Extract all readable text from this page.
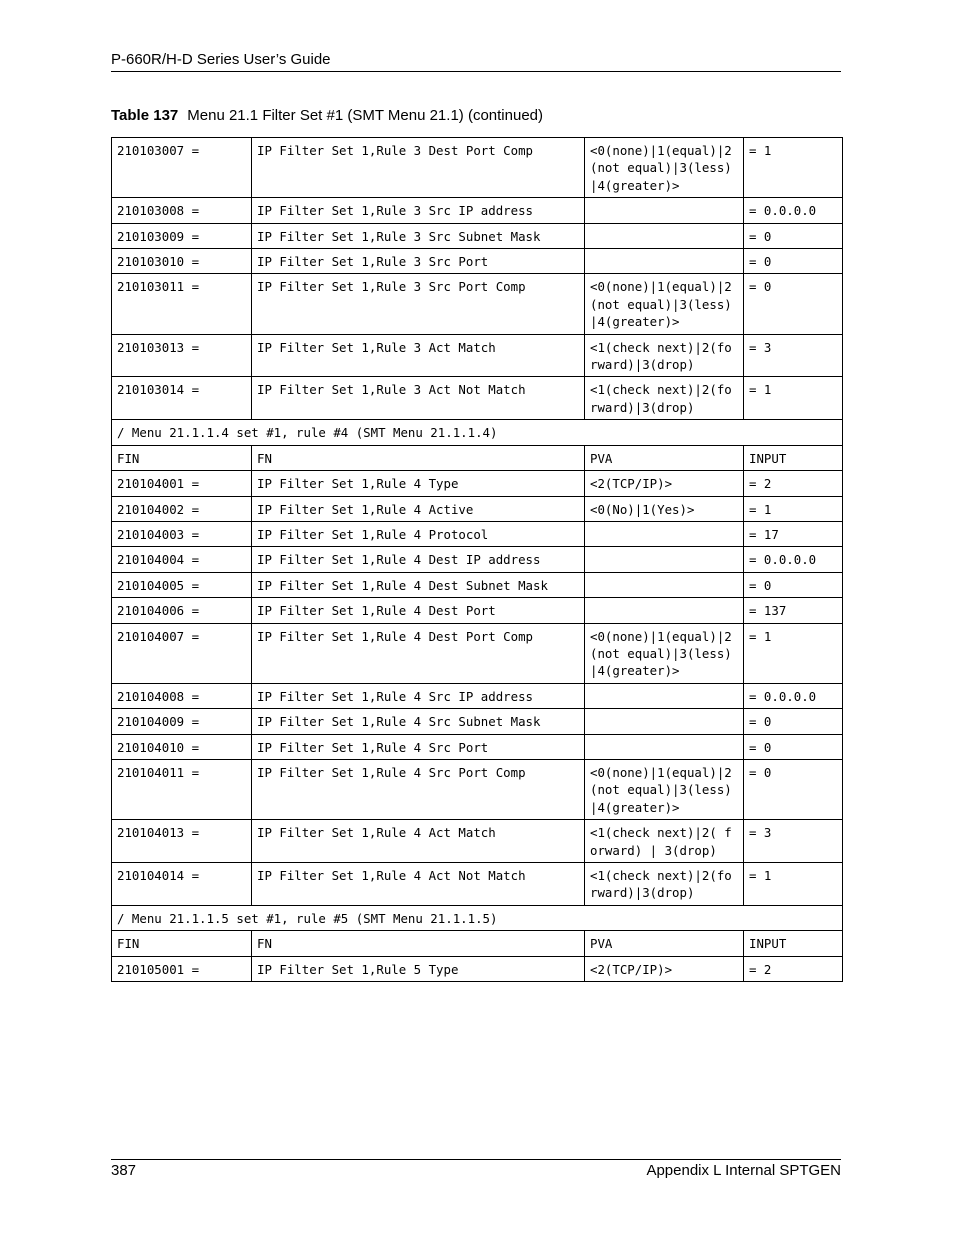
P-660R/H-D Series User’s Guide
Table 137 Menu 21.1 Filter Set #1 (SMT Menu 21.1) (continued)
210103007 =	IP Filter Set 1,Rule 3 Dest Port Comp	<0(none)|1(equal)|2(not equal)|3(less)|4(greater)>	= 1
210103008 =	IP Filter Set 1,Rule 3 Src IP address		= 0.0.0.0
210103009 =	IP Filter Set 1,Rule 3 Src Subnet Mask		= 0
210103010 =	IP Filter Set 1,Rule 3 Src Port		= 0
210103011 =	IP Filter Set 1,Rule 3 Src Port Comp	<0(none)|1(equal)|2(not equal)|3(less)|4(greater)>	= 0
210103013 =	IP Filter Set 1,Rule 3 Act Match	<1(check next)|2(forward)|3(drop)	= 3
210103014 =	IP Filter Set 1,Rule 3 Act Not Match	<1(check next)|2(forward)|3(drop)	= 1
/ Menu 21.1.1.4 set #1, rule #4 (SMT Menu 21.1.1.4)			
FIN	FN	PVA	INPUT
210104001 =	IP Filter Set 1,Rule 4 Type	<2(TCP/IP)>	= 2
210104002 =	IP Filter Set 1,Rule 4 Active	<0(No)|1(Yes)>	= 1
210104003 =	IP Filter Set 1,Rule 4 Protocol		= 17
210104004 =	IP Filter Set 1,Rule 4 Dest IP address		= 0.0.0.0
210104005 =	IP Filter Set 1,Rule 4 Dest Subnet Mask		= 0
210104006 =	IP Filter Set 1,Rule 4 Dest Port		= 137
210104007 =	IP Filter Set 1,Rule 4 Dest Port Comp	<0(none)|1(equal)|2(not equal)|3(less)|4(greater)>	= 1
210104008 =	IP Filter Set 1,Rule 4 Src IP address		= 0.0.0.0
210104009 =	IP Filter Set 1,Rule 4 Src Subnet Mask		= 0
210104010 =	IP Filter Set 1,Rule 4 Src Port		= 0
210104011 =	IP Filter Set 1,Rule 4 Src Port Comp	<0(none)|1(equal)|2(not equal)|3(less)|4(greater)>	= 0
210104013 =	IP Filter Set 1,Rule 4 Act Match	<1(check next)|2( forward) | 3(drop)	= 3
210104014 =	IP Filter Set 1,Rule 4 Act Not Match	<1(check next)|2(forward)|3(drop)	= 1
/ Menu 21.1.1.5 set #1, rule #5 (SMT Menu 21.1.1.5)			
FIN	FN	PVA	INPUT
210105001 =	IP Filter Set 1,Rule 5 Type	<2(TCP/IP)>	= 2
387	Appendix L Internal SPTGEN
